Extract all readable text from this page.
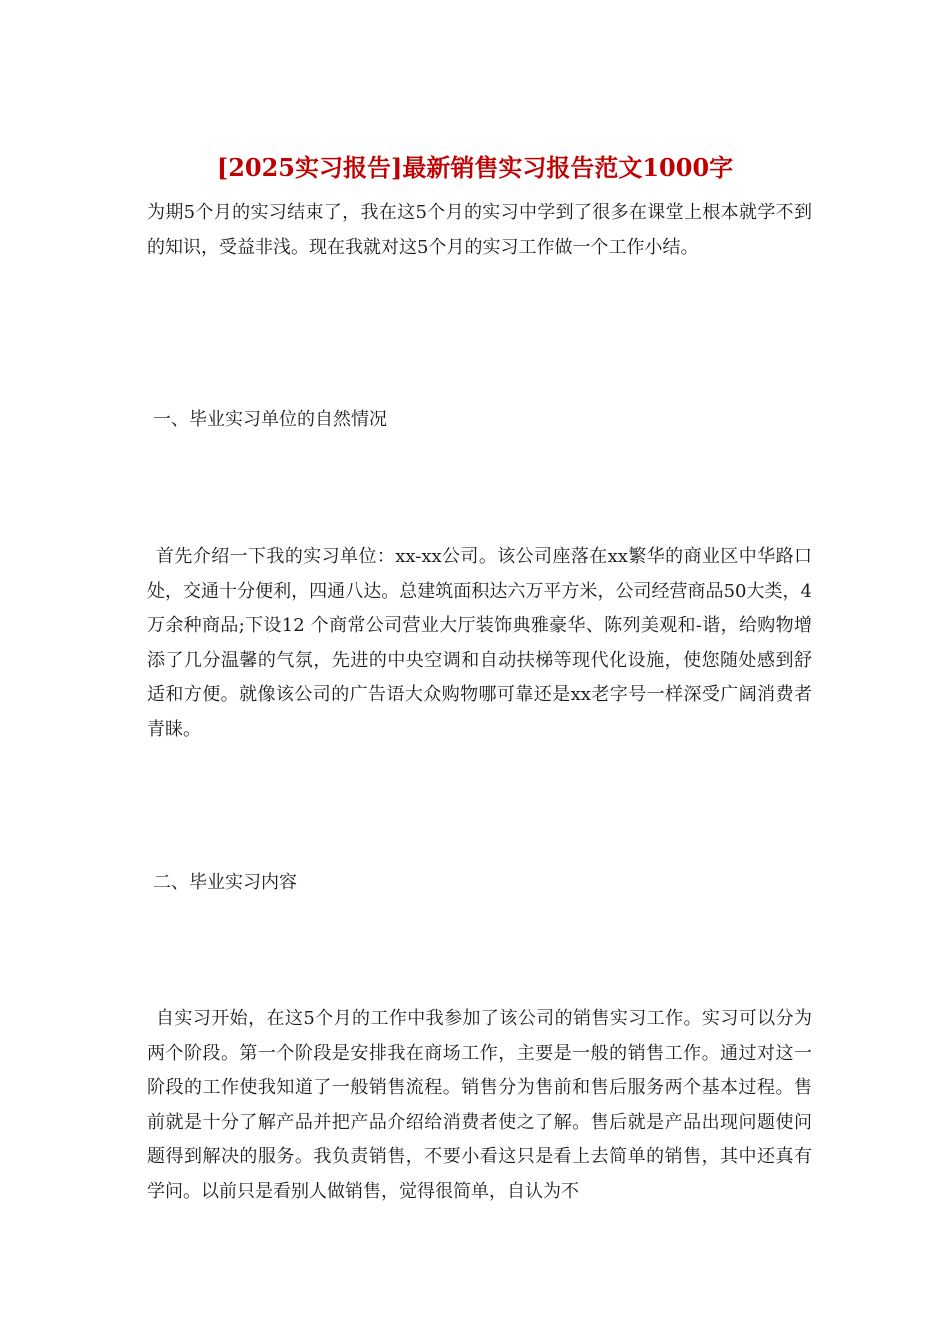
[2025实习报告]最新销售实习报告范文1000字

为期5个月的实习结束了，我在这5个月的实习中学到了很多在课堂上根本就学不到的知识，受益非浅。现在我就对这5个月的实习工作做一个工作小结。

一、毕业实习单位的自然情况

首先介绍一下我的实习单位：xx-xx公司。该公司座落在xx繁华的商业区中华路口处，交通十分便利，四通八达。总建筑面积达六万平方米，公司经营商品50大类，4 万余种商品;下设12 个商常公司营业大厅装饰典雅豪华、陈列美观和-谐，给购物增添了几分温馨的气氛，先进的中央空调和自动扶梯等现代化设施，使您随处感到舒适和方便。就像该公司的广告语大众购物哪可靠还是xx老字号一样深受广阔消费者青睐。

二、毕业实习内容

自实习开始，在这5个月的工作中我参加了该公司的销售实习工作。实习可以分为两个阶段。第一个阶段是安排我在商场工作，主要是一般的销售工作。通过对这一阶段的工作使我知道了一般销售流程。销售分为售前和售后服务两个基本过程。售前就是十分了解产品并把产品介绍给消费者使之了解。售后就是产品出现问题使问题得到解决的服务。我负责销售，不要小看这只是看上去简单的销售，其中还真有学问。以前只是看别人做销售，觉得很简单，自认为不
